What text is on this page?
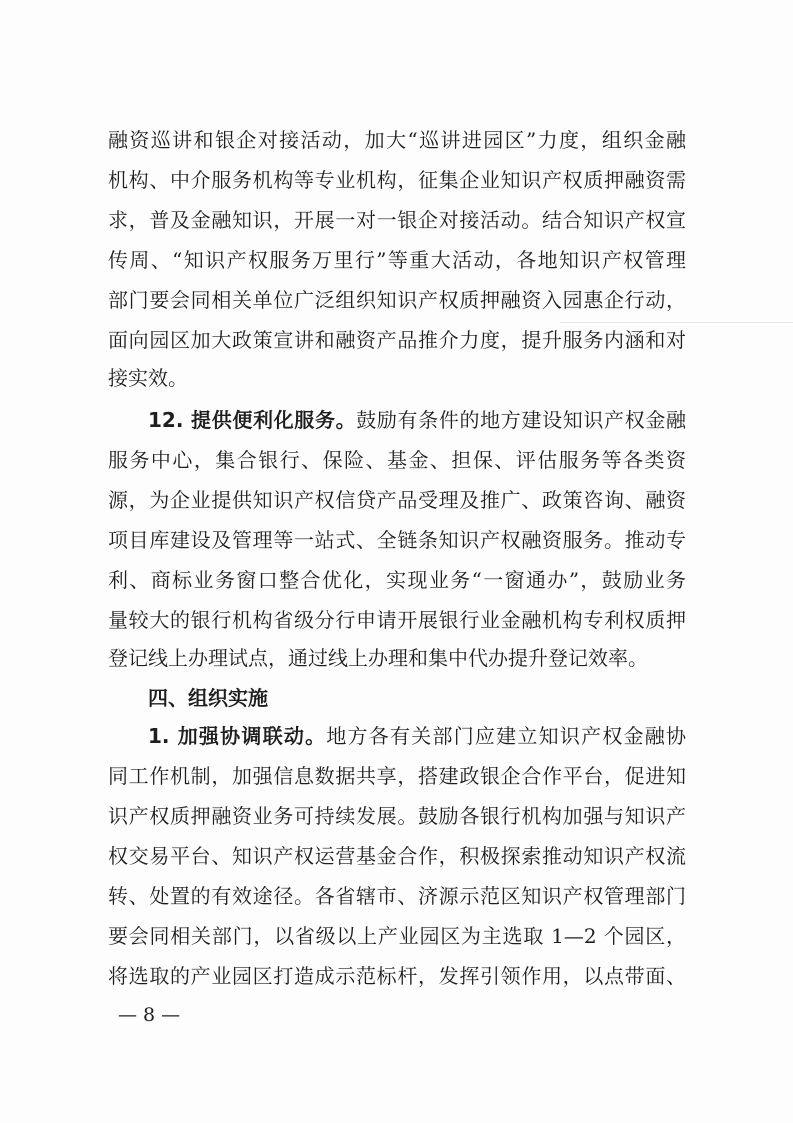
融资巡讲和银企对接活动，加大“巡讲进园区”力度，组织金融
机构、中介服务机构等专业机构，征集企业知识产权质押融资需
求，普及金融知识，开展一对一银企对接活动。结合知识产权宣
传周、“知识产权服务万里行”等重大活动，各地知识产权管理
部门要会同相关单位广泛组织知识产权质押融资入园惠企行动，
面向园区加大政策宣讲和融资产品推介力度，提升服务内涵和对
接实效。
12. 提供便利化服务。鼓励有条件的地方建设知识产权金融
服务中心，集合银行、保险、基金、担保、评估服务等各类资
源，为企业提供知识产权信贷产品受理及推广、政策咨询、融资
项目库建设及管理等一站式、全链条知识产权融资服务。推动专
利、商标业务窗口整合优化，实现业务“一窗通办”，鼓励业务
量较大的银行机构省级分行申请开展银行业金融机构专利权质押
登记线上办理试点，通过线上办理和集中代办提升登记效率。
四、组织实施
1. 加强协调联动。地方各有关部门应建立知识产权金融协
同工作机制，加强信息数据共享，搭建政银企合作平台，促进知
识产权质押融资业务可持续发展。鼓励各银行机构加强与知识产
权交易平台、知识产权运营基金合作，积极探索推动知识产权流
转、处置的有效途径。各省辖市、济源示范区知识产权管理部门
要会同相关部门，以省级以上产业园区为主选取 1—2 个园区，
将选取的产业园区打造成示范标杆，发挥引领作用，以点带面、
— 8 —
